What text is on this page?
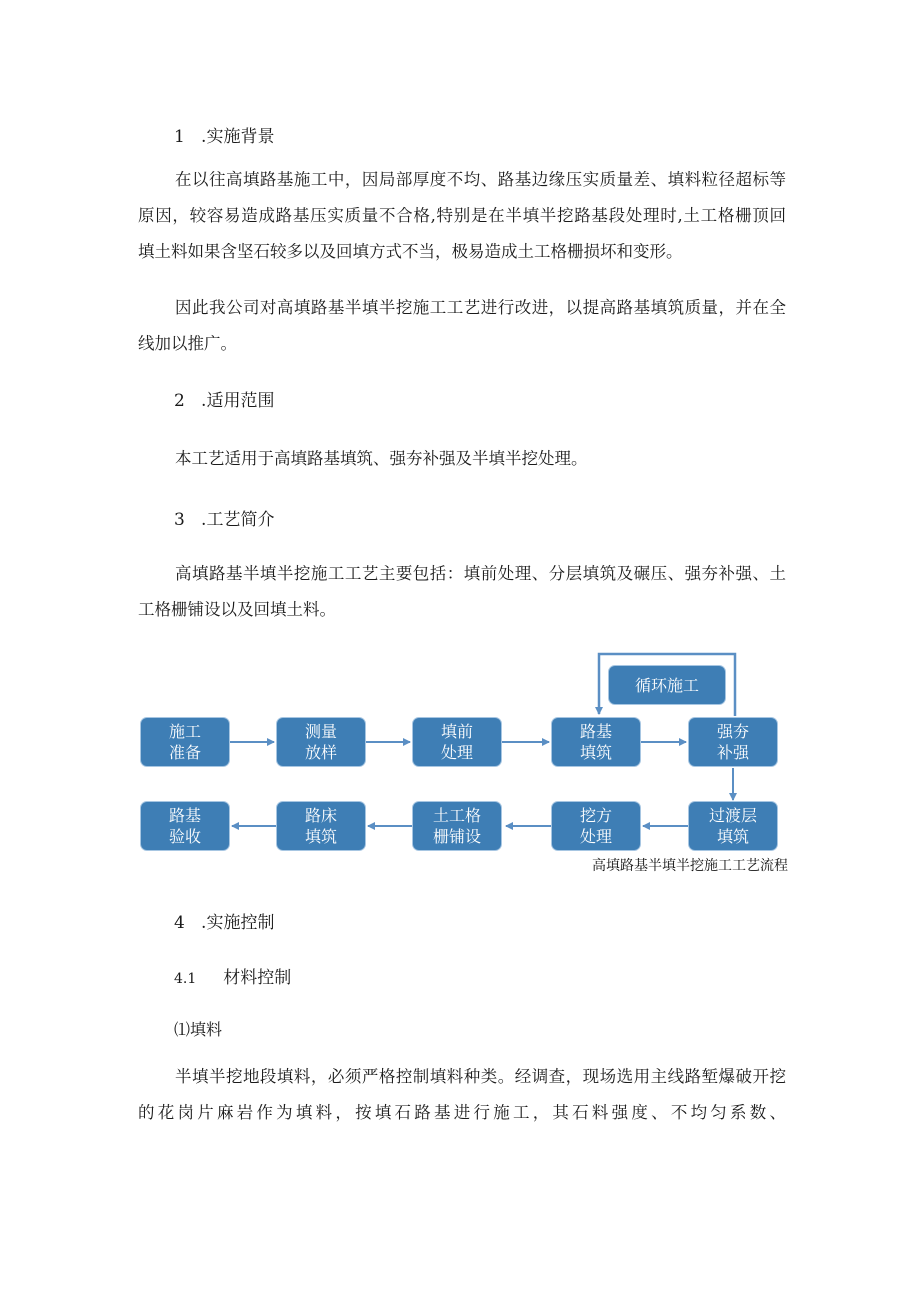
1 .实施背景
在以往高填路基施工中，因局部厚度不均、路基边缘压实质量差、填料粒径超标等
原因，较容易造成路基压实质量不合格,特别是在半填半挖路基段处理时,土工格栅顶回
填土料如果含坚石较多以及回填方式不当，极易造成土工格栅损坏和变形。
因此我公司对高填路基半填半挖施工工艺进行改进，以提高路基填筑质量，并在全
线加以推广。
2 .适用范围
本工艺适用于高填路基填筑、强夯补强及半填半挖处理。
3 .工艺简介
高填路基半填半挖施工工艺主要包括：填前处理、分层填筑及碾压、强夯补强、土
工格栅铺设以及回填土料。
施工
准备
测量
放样
填前
处理
路基
填筑
强夯
补强
路基
验收
路床
填筑
土工格
栅铺设
挖方
处理
过渡层
填筑
循环施工
高填路基半填半挖施工工艺流程
4 .实施控制
4.1 材料控制
⑴填料
半填半挖地段填料，必须严格控制填料种类。经调查，现场选用主线路堑爆破开挖
的花岗片麻岩作为填料，按填石路基进行施工，其石料强度、不均匀系数、
